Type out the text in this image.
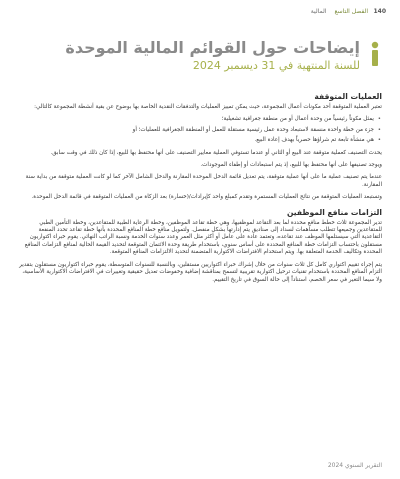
140
الفصل التاسع
المالية
إيضاحات حول القوائم المالية الموحدة
للسنة المنتهية في 31 ديسمبر 2024
العمليات المتوقفة

تعتبر العملية المتوقفة أحد مكونات أعمال المجموعة، حيث يمكن تمييز العمليات والتدفقات النقدية الخاصة بها بوضوح عن بقية أنشطة المجموعة كالتالي:

• يمثل مكوناً رئيسياً من وحدة أعمال أو من منطقة جغرافية تشغيلية؛
• جزء من خطة واحدة منسقة لاستبعاد وحدة عمل رئيسية مستقلة للعمل أو المنطقة الجغرافية للعمليات؛ أو
• هي منشأة تابعة تم شراؤها حصرياً بهدف إعادة البيع.

يحدث التصنيف كعملية متوقفة عند البيع أو الثاني أو عندما تستوفي العملية معايير التصنيف على أنها محتفظ بها للبيع، إذا كان ذلك في وقت سابق.

ويوجد تصنيفها على أنها محتفظ بها للبيع، إذ يتم استبعادات أو إطفاء الموجودات.

عندما يتم تصنيف عملية ما على أنها عملية متوقفة، يتم تعديل قائمة الدخل الموحدة المقارنة والدخل الشامل الآخر كما لو كانت العملية متوقفة من بداية سنة المقارنة.

وتستبعد العمليات المتوقفة من نتائج العمليات المستمرة وتقدم كمبلغ واحد كإيرادات/(خسارة) بعد الزكاة من العمليات المتوقفة في قائمة الدخل الموحدة.

التزامات منافع الموظفين

تدير المجموعة ثلاث خطط منافع محددة لما بعد التقاعد لموظفيها، وهي خطة تقاعد الموظفين، وخطة الرعاية الطبية للمتقاعدين، وخطة التأمين الطبي للمتقاعدين وجميعها تتطلب مساهمات لسداد إلى صناديق يتم إدارتها بشكل منفصل. ولتمويل منافع خطة المنافع المحددة بأنها خطة تقاعد تحدد المنفعة التقاعدية التي سيستلمها الموظف عند تقاعده، وتعتمد عادة على عامل أو أكثر مثل العمر وعدد سنوات الخدمة ونسبة الراتب النهائي. يقوم خبراء اكتواريون مستقلون باحتساب التزامات خطة المنافع المحددة على أساس سنوي، باستخدام طريقة وحدة الائتمان المتوقعة لتحديد القيمة الحالية لمنافع التزامات المنافع المحددة وتكاليف الخدمة المتعلقة بها. ويتم استخدام الافتراضات الاكتوارية المتضمنة لتحديد الالتزامات المنافع المتوقعة.

يتم إجراء تقييم اكتواري كامل كل ثلاث سنوات من خلال إشراك خبراء اكتواريين مستقلين، وبالنسبة للسنوات المتوسطة، يقوم خبراء اكتواريون مستقلون بتقدير التزام المنافع المحددة باستخدام تقنيات ترحيل اكتوارية تقريبية لتسمح بمناقشة إضافية وخفوضات تعديل حقيقية وتغييرات في الافتراضات الاكتوارية الأساسية، ولا سيما التغير في سعر الخصم، استناداً إلى حالة السوق في تاريخ التقييم.

التقرير السنوي 2024
